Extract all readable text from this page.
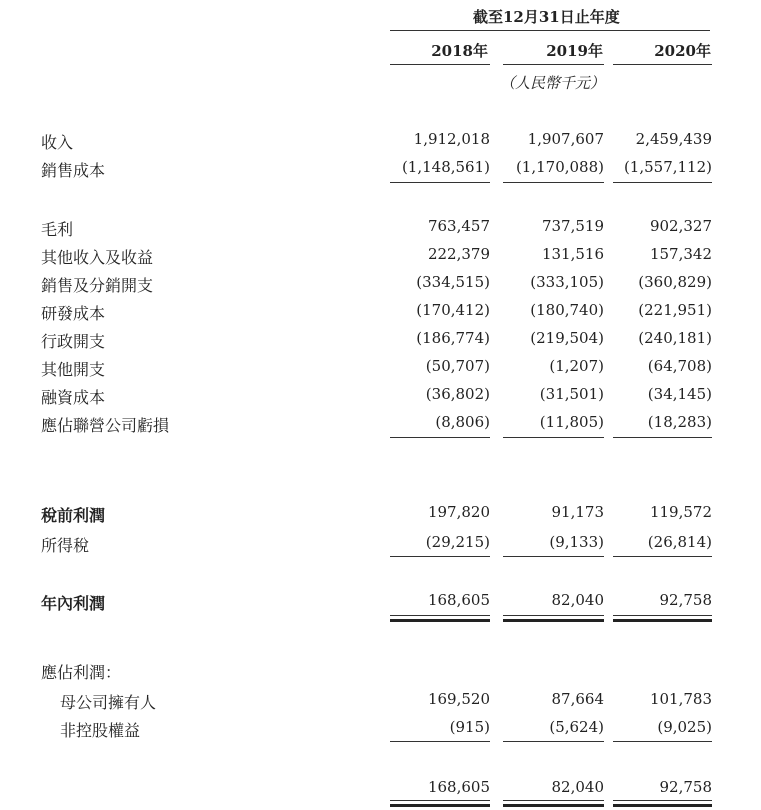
截至12月31日止年度
2018年	2019年	2020年
（人民幣千元）
收入	1,912,018	1,907,607	2,459,439
銷售成本	(1,148,561)	(1,170,088)	(1,557,112)
毛利	763,457	737,519	902,327
其他收入及收益	222,379	131,516	157,342
銷售及分銷開支	(334,515)	(333,105)	(360,829)
研發成本	(170,412)	(180,740)	(221,951)
行政開支	(186,774)	(219,504)	(240,181)
其他開支	(50,707)	(1,207)	(64,708)
融資成本	(36,802)	(31,501)	(34,145)
應佔聯營公司虧損	(8,806)	(11,805)	(18,283)
稅前利潤	197,820	91,173	119,572
所得稅	(29,215)	(9,133)	(26,814)
年內利潤	168,605	82,040	92,758
應佔利潤：
母公司擁有人	169,520	87,664	101,783
非控股權益	(915)	(5,624)	(9,025)
168,605	82,040	92,758
